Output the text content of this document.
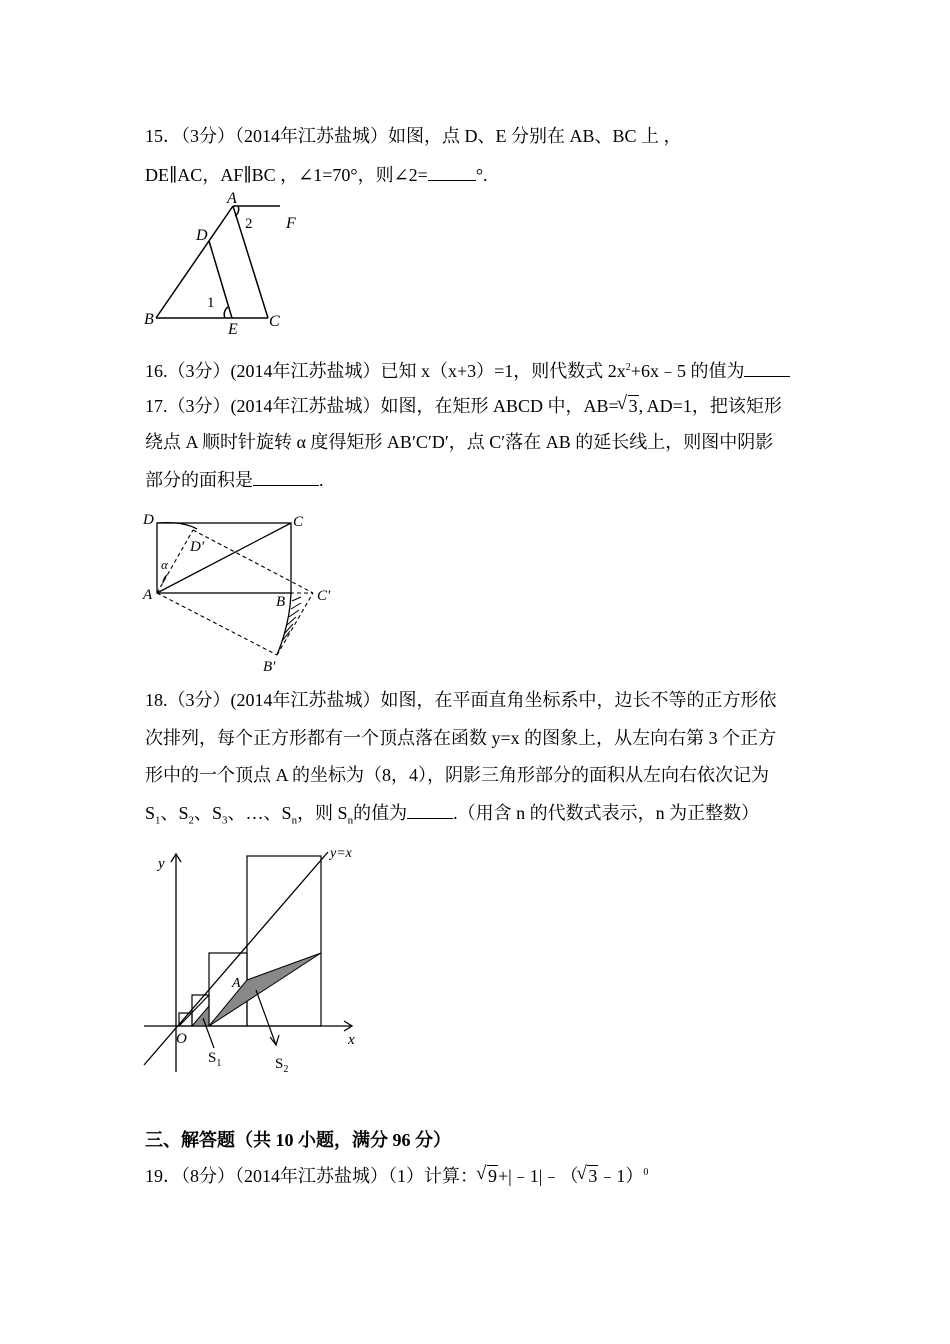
15．（3分）（2014年江苏盐城）如图，点 D、E 分别在 AB、BC 上 ，
DE∥AC，AF∥BC ，∠1=70°，则∠2=	°.
A
D
F
B
E C
2
1
16.（3分）(2014年江苏盐城）已知 x（x+3）=1，则代数式 $2x^2+6x﹣5$ 的值为
17.（3分）(2014年江苏盐城）如图，在矩形 ABCD 中，AB= √ 3, AD=1，把该矩形
绕点 A 顺时针旋转 α 度得矩形 AB′C′D′，点 C′落在 AB 的延长线上，则图中阴影
部分的面积是	.
D	C
D′
α
A	B C′
B′
18.（3分）(2014年江苏盐城）如图，在平面直角坐标系中，边长不等的正方形依
次排列，每个正方形都有一个顶点落在函数 y=x 的图象上，从左向右第 3 个正方
形中的一个顶点 A 的坐标为（8，4），阴影三角形部分的面积从左向右依次记为
$S_1$、$S_2$、$S_3$、…、$S_n$，则 $S_n$的值为	.（用含 n 的代数式表示，n 为正整数）
y
x
y=x
O
A
$S_1$	$S_2$
三、解答题（共 10 小题，满分 96 分）
19．（8分）（2014年江苏盐城）（1）计算： √ 9+|﹣1|﹣（ √ 3﹣1）$^0$
